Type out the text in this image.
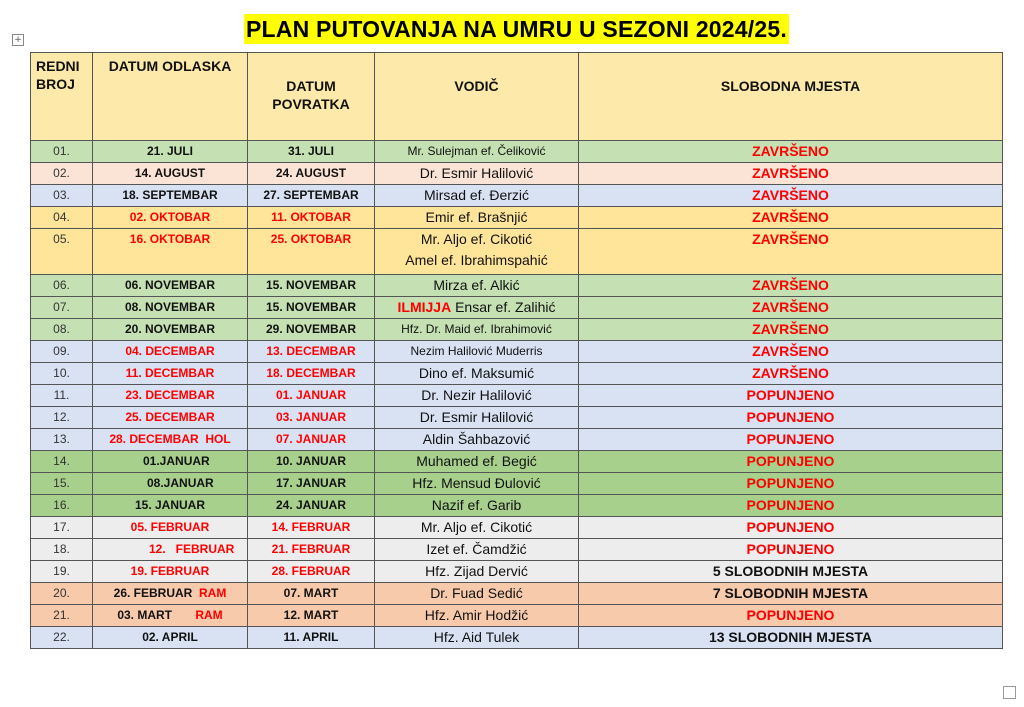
PLAN PUTOVANJA NA UMRU U SEZONI 2024/25.
+
REDNI BROJ	DATUM ODLASKA	DATUM POVRATKA	VODIČ	SLOBODNA MJESTA
01.	21. JULI	31. JULI	Mr. Sulejman ef. Čeliković	ZAVRŠENO
02.	14. AUGUST	24. AUGUST	Dr. Esmir Halilović	ZAVRŠENO
03.	18. SEPTEMBAR	27. SEPTEMBAR	Mirsad ef. Đerzić	ZAVRŠENO
04.	02. OKTOBAR	11. OKTOBAR	Emir ef. Brašnjić	ZAVRŠENO
05.	16. OKTOBAR	25. OKTOBAR	Mr. Aljo ef. Cikotić
Amel ef. Ibrahimspahić	ZAVRŠENO
06.	06. NOVEMBAR	15. NOVEMBAR	Mirza ef. Alkić	ZAVRŠENO
07.	08. NOVEMBAR	15. NOVEMBAR	ILMIJJA Ensar ef. Zalihić	ZAVRŠENO
08.	20. NOVEMBAR	29. NOVEMBAR	Hfz. Dr. Maid ef. Ibrahimović	ZAVRŠENO
09.	04. DECEMBAR	13. DECEMBAR	Nezim Halilović Muderris	ZAVRŠENO
10.	11. DECEMBAR	18. DECEMBAR	Dino ef. Maksumić	ZAVRŠENO
11.	23. DECEMBAR	01. JANUAR	Dr. Nezir Halilović	POPUNJENO
12.	25. DECEMBAR	03. JANUAR	Dr. Esmir Halilović	POPUNJENO
13.	28. DECEMBAR  HOL	07. JANUAR	Aldin Šahbazović	POPUNJENO
14.	01.JANUAR	10. JANUAR	Muhamed ef. Begić	POPUNJENO
15.	08.JANUAR	17. JANUAR	Hfz. Mensud Đulović	POPUNJENO
16.	15. JANUAR	24. JANUAR	Nazif ef. Garib	POPUNJENO
17.	05. FEBRUAR	14. FEBRUAR	Mr. Aljo ef. Cikotić	POPUNJENO
18.	12.   FEBRUAR	21. FEBRUAR	Izet ef. Čamdžić	POPUNJENO
19.	19. FEBRUAR	28. FEBRUAR	Hfz. Zijad Dervić	5 SLOBODNIH MJESTA
20.	26. FEBRUAR RAM	07. MART	Dr. Fuad Sedić	7 SLOBODNIH MJESTA
21.	03. MART RAM	12. MART	Hfz. Amir Hodžić	POPUNJENO
22.	02. APRIL	11. APRIL	Hfz. Aid Tulek	13 SLOBODNIH MJESTA
